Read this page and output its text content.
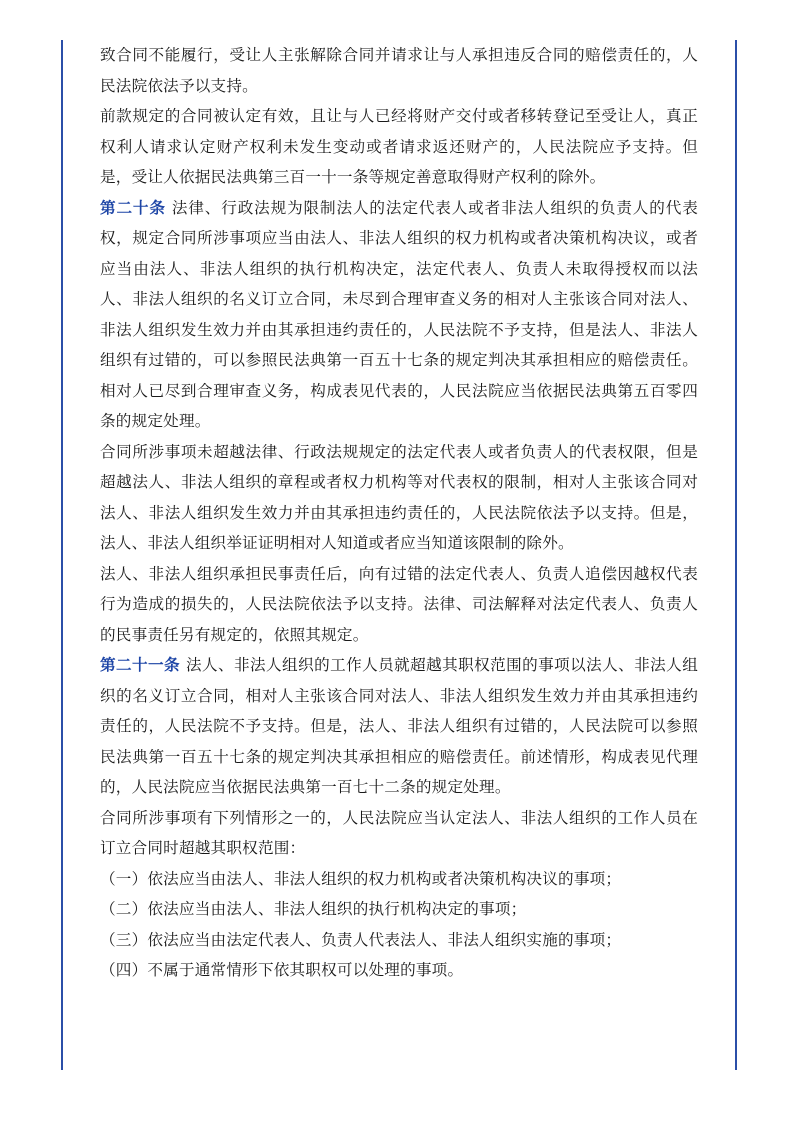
致合同不能履行，受让人主张解除合同并请求让与人承担违反合同的赔偿责任的，人民法院依法予以支持。

前款规定的合同被认定有效，且让与人已经将财产交付或者移转登记至受让人，真正权利人请求认定财产权利未发生变动或者请求返还财产的，人民法院应予支持。但是，受让人依据民法典第三百一十一条等规定善意取得财产权利的除外。

第二十条 法律、行政法规为限制法人的法定代表人或者非法人组织的负责人的代表权，规定合同所涉事项应当由法人、非法人组织的权力机构或者决策机构决议，或者应当由法人、非法人组织的执行机构决定，法定代表人、负责人未取得授权而以法人、非法人组织的名义订立合同，未尽到合理审查义务的相对人主张该合同对法人、非法人组织发生效力并由其承担违约责任的，人民法院不予支持，但是法人、非法人组织有过错的，可以参照民法典第一百五十七条的规定判决其承担相应的赔偿责任。相对人已尽到合理审查义务，构成表见代表的，人民法院应当依据民法典第五百零四条的规定处理。

合同所涉事项未超越法律、行政法规规定的法定代表人或者负责人的代表权限，但是超越法人、非法人组织的章程或者权力机构等对代表权的限制，相对人主张该合同对法人、非法人组织发生效力并由其承担违约责任的，人民法院依法予以支持。但是，法人、非法人组织举证证明相对人知道或者应当知道该限制的除外。

法人、非法人组织承担民事责任后，向有过错的法定代表人、负责人追偿因越权代表行为造成的损失的，人民法院依法予以支持。法律、司法解释对法定代表人、负责人的民事责任另有规定的，依照其规定。

第二十一条 法人、非法人组织的工作人员就超越其职权范围的事项以法人、非法人组织的名义订立合同，相对人主张该合同对法人、非法人组织发生效力并由其承担违约责任的，人民法院不予支持。但是，法人、非法人组织有过错的，人民法院可以参照民法典第一百五十七条的规定判决其承担相应的赔偿责任。前述情形，构成表见代理的，人民法院应当依据民法典第一百七十二条的规定处理。

合同所涉事项有下列情形之一的，人民法院应当认定法人、非法人组织的工作人员在订立合同时超越其职权范围：

（一）依法应当由法人、非法人组织的权力机构或者决策机构决议的事项；

（二）依法应当由法人、非法人组织的执行机构决定的事项；

（三）依法应当由法定代表人、负责人代表法人、非法人组织实施的事项；

（四）不属于通常情形下依其职权可以处理的事项。
